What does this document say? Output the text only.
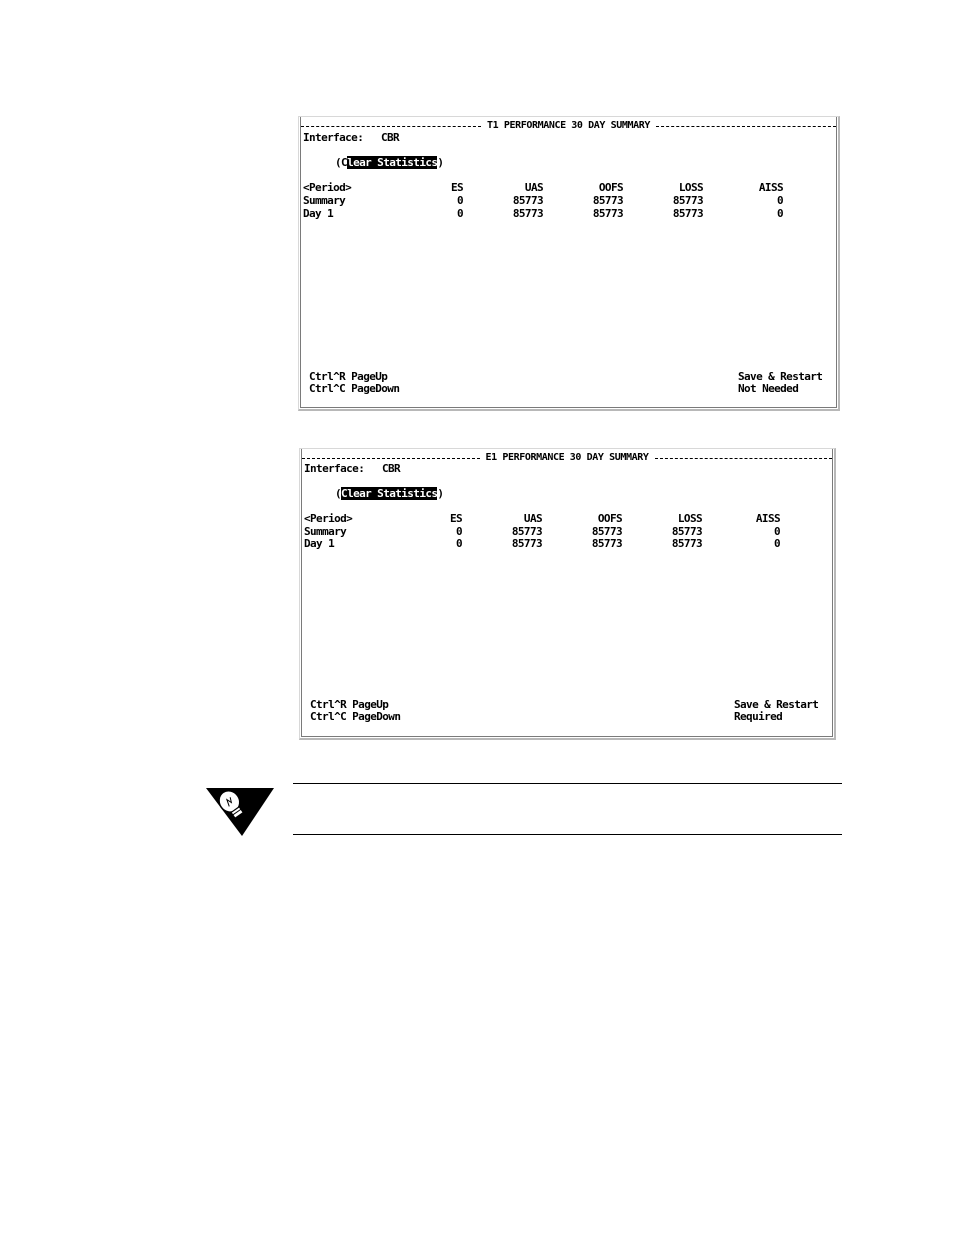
T1 PERFORMANCE 30 DAY SUMMARY
Interface: CBR
(Clear Statistics)
<Period>	ES	UAS	OOFS	LOSS	AISS
Summary	0	85773	85773	85773	0
Day 1	0	85773	85773	85773	0
Ctrl^R PageUp	Save & Restart
Ctrl^C PageDown	Not Needed
E1 PERFORMANCE 30 DAY SUMMARY
Interface: CBR
(Clear Statistics)
<Period>	ES	UAS	OOFS	LOSS	AISS
Summary	0	85773	85773	85773	0
Day 1	0	85773	85773	85773	0
Ctrl^R PageUp	Save & Restart
Ctrl^C PageDown	Required
